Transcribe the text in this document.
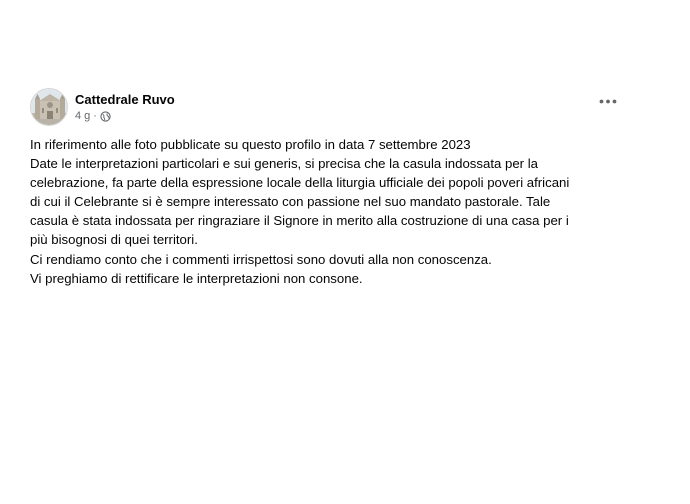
Cattedrale Ruvo
4 g ·
In riferimento alle foto pubblicate su questo profilo in data 7 settembre 2023
Date le interpretazioni particolari e sui generis, si precisa che la casula indossata per la
celebrazione, fa parte della espressione locale della liturgia ufficiale dei popoli poveri africani
di cui il Celebrante si è sempre interessato con passione nel suo mandato pastorale. Tale
casula è stata indossata per ringraziare il Signore in merito alla costruzione di una casa per i
più bisognosi di quei territori.
Ci rendiamo conto che i commenti irrispettosi sono dovuti alla non conoscenza.
Vi preghiamo di rettificare le interpretazioni non consone.
